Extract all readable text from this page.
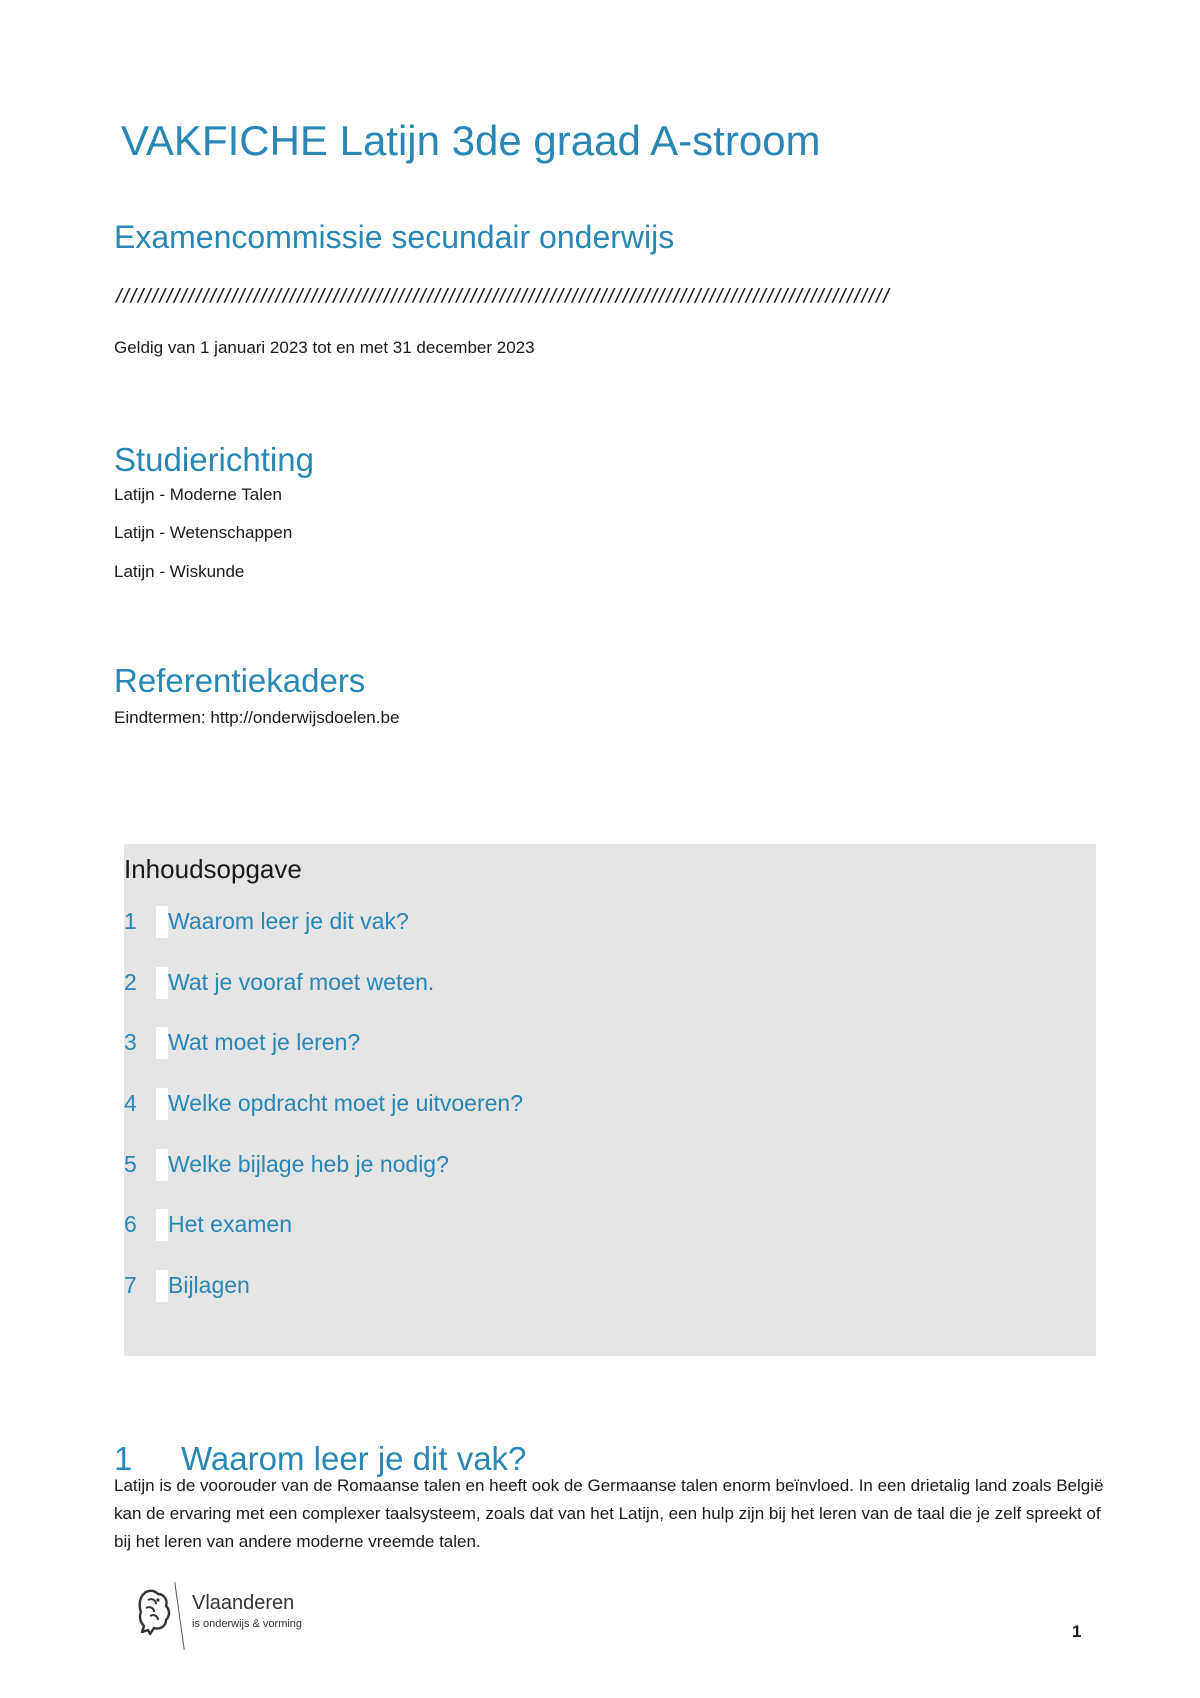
VAKFICHE Latijn 3de graad A-stroom
Examencommissie secundair onderwijs
///////////////////////////////////////////////////////////////////////////////////////////////////////////
Geldig van 1 januari 2023 tot en met 31 december 2023
Studierichting
Latijn - Moderne Talen
Latijn - Wetenschappen
Latijn - Wiskunde
Referentiekaders
Eindtermen: http://onderwijsdoelen.be
Inhoudsopgave
1 Waarom leer je dit vak?
2 Wat je vooraf moet weten.
3 Wat moet je leren?
4 Welke opdracht moet je uitvoeren?
5 Welke bijlage heb je nodig?
6 Het examen
7 Bijlagen
1 Waarom leer je dit vak?
Latijn is de voorouder van de Romaanse talen en heeft ook de Germaanse talen enorm beïnvloed. In een drietalig land zoals België kan de ervaring met een complexer taalsysteem, zoals dat van het Latijn, een hulp zijn bij het leren van de taal die je zelf spreekt of bij het leren van andere moderne vreemde talen.
Vlaanderen
is onderwijs & vorming	1
